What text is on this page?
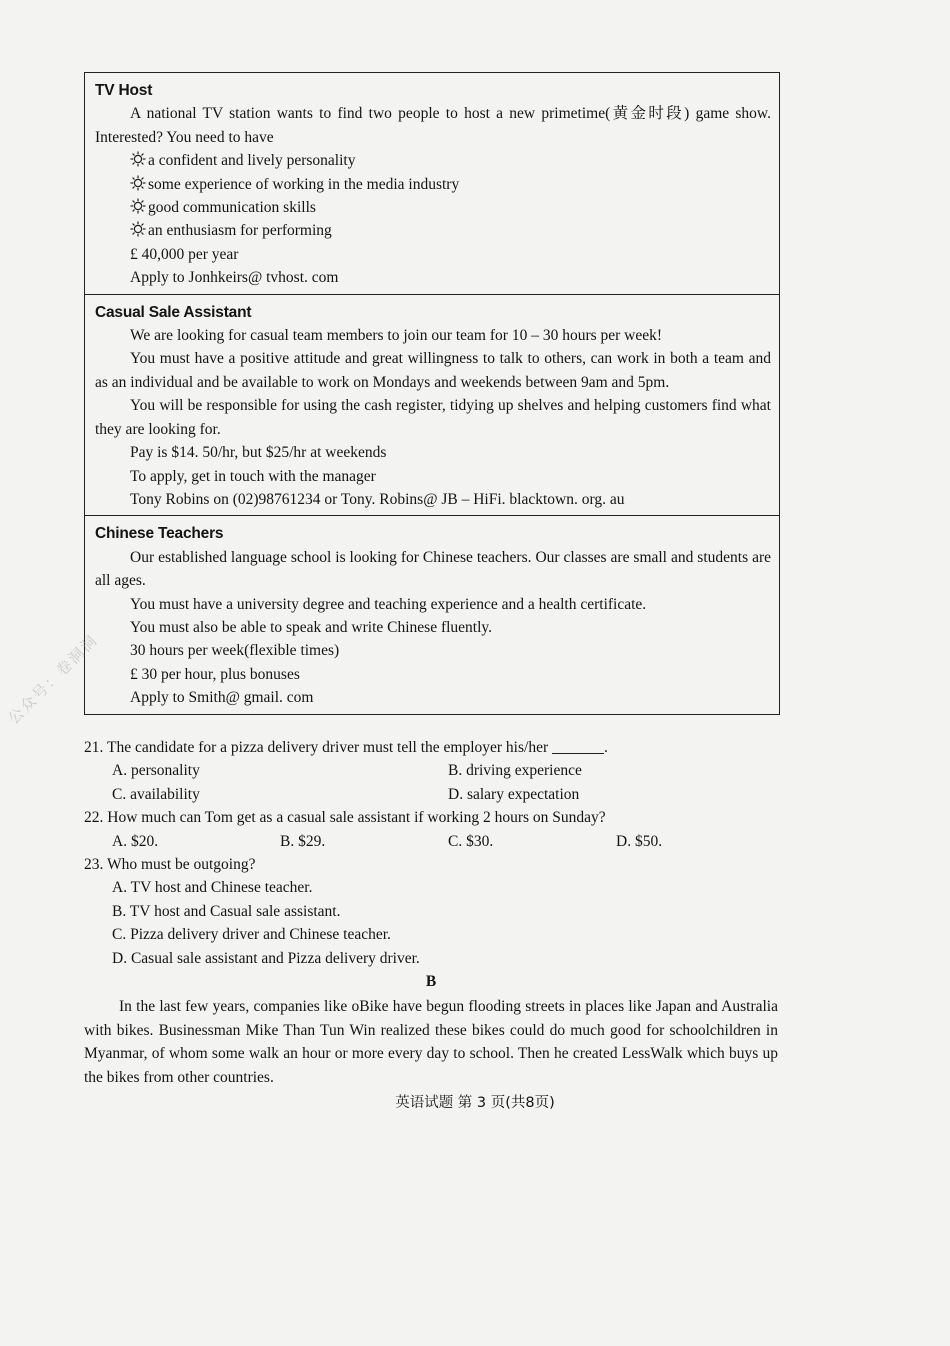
TV Host

A national TV station wants to find two people to host a new primetime(黄金时段) game show. Interested? You need to have

a confident and lively personality

some experience of working in the media industry

good communication skills

an enthusiasm for performing

£ 40,000 per year

Apply to Jonhkeirs@ tvhost. com

Casual Sale Assistant

We are looking for casual team members to join our team for 10 – 30 hours per week!

You must have a positive attitude and great willingness to talk to others, can work in both a team and as an individual and be available to work on Mondays and weekends between 9am and 5pm.

You will be responsible for using the cash register, tidying up shelves and helping customers find what they are looking for.

Pay is $14. 50/hr, but $25/hr at weekends

To apply, get in touch with the manager

Tony Robins on (02)98761234 or Tony. Robins@ JB – HiFi. blacktown. org. au

Chinese Teachers

Our established language school is looking for Chinese teachers. Our classes are small and students are all ages.

You must have a university degree and teaching experience and a health certificate.

You must also be able to speak and write Chinese fluently.

30 hours per week(flexible times)

£ 30 per hour, plus bonuses

Apply to Smith@ gmail. com

21. The candidate for a pizza delivery driver must tell the employer his/her	.

A. personality	B. driving experience

C. availability	D. salary expectation

22. How much can Tom get as a casual sale assistant if working 2 hours on Sunday?

A. $20.	B. $29.	C. $30.	D. $50.

23. Who must be outgoing?

A. TV host and Chinese teacher.

B. TV host and Casual sale assistant.

C. Pizza delivery driver and Chinese teacher.

D. Casual sale assistant and Pizza delivery driver.

B

In the last few years, companies like oBike have begun flooding streets in places like Japan and Australia with bikes. Businessman Mike Than Tun Win realized these bikes could do much good for schoolchildren in Myanmar, of whom some walk an hour or more every day to school. Then he created LessWalk which buys up the bikes from other countries.

英语试题 第 3 页(共8页)
公众号：卷洞洞
